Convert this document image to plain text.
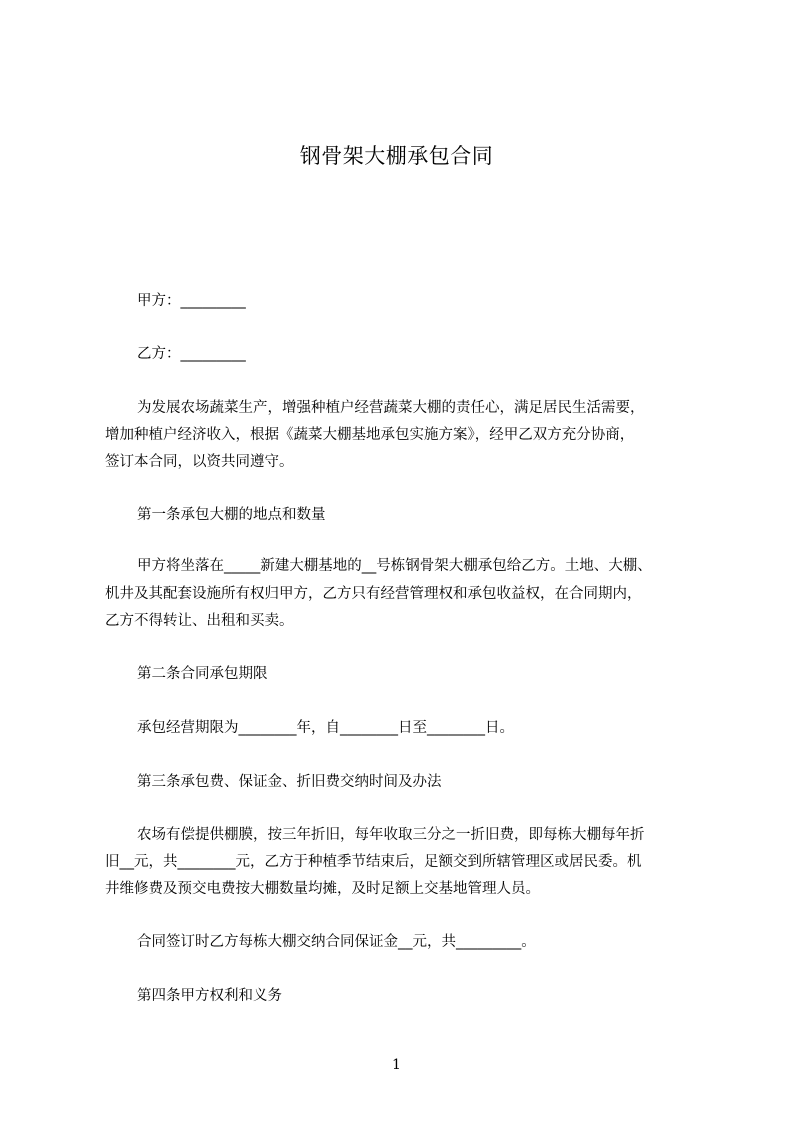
钢骨架大棚承包合同
甲方：_________
乙方：_________
为发展农场蔬菜生产，增强种植户经营蔬菜大棚的责任心，满足居民生活需要，
增加种植户经济收入，根据《蔬菜大棚基地承包实施方案》，经甲乙双方充分协商，
签订本合同，以资共同遵守。
第一条承包大棚的地点和数量
甲方将坐落在_____新建大棚基地的__号栋钢骨架大棚承包给乙方。土地、大棚、
机井及其配套设施所有权归甲方，乙方只有经营管理权和承包收益权，在合同期内，
乙方不得转让、出租和买卖。
第二条合同承包期限
承包经营期限为________年，自________日至________日。
第三条承包费、保证金、折旧费交纳时间及办法
农场有偿提供棚膜，按三年折旧，每年收取三分之一折旧费，即每栋大棚每年折
旧__元，共________元，乙方于种植季节结束后，足额交到所辖管理区或居民委。机
井维修费及预交电费按大棚数量均摊，及时足额上交基地管理人员。
合同签订时乙方每栋大棚交纳合同保证金__元，共_________。
第四条甲方权利和义务
1
